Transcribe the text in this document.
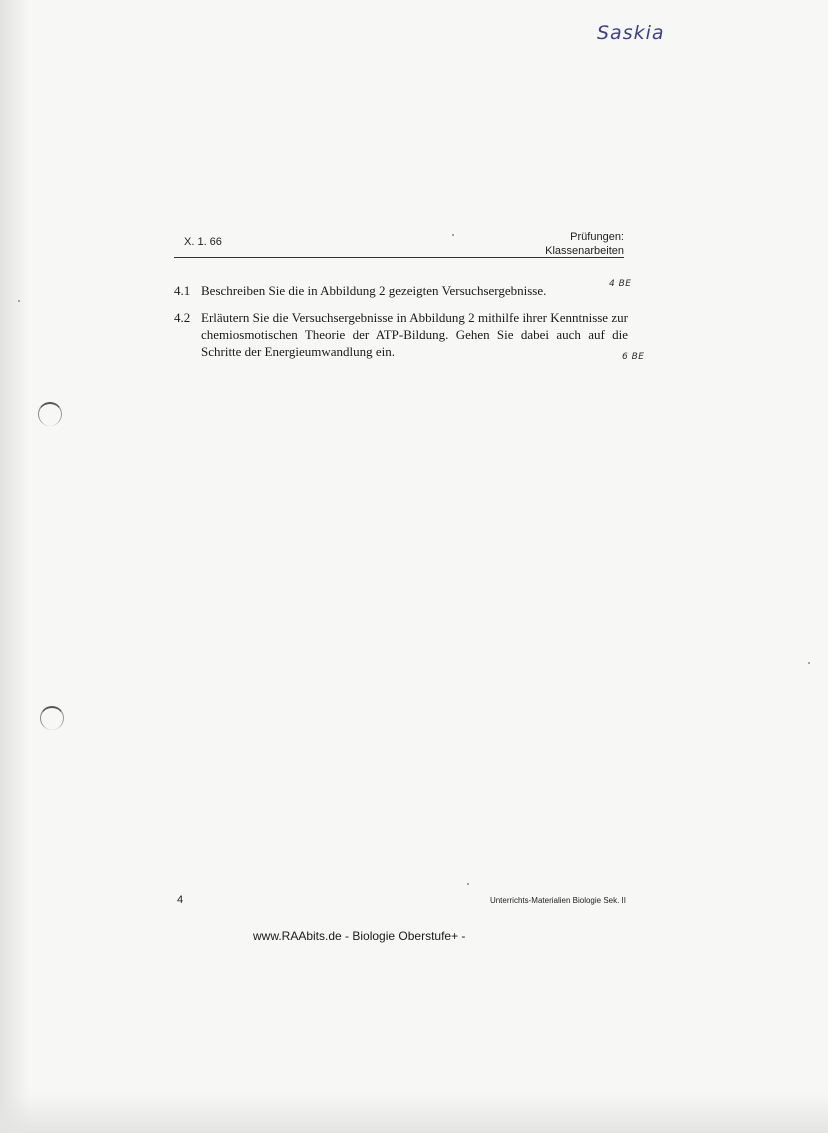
Saskia
X. 1. 66	Prüfungen:
Klassenarbeiten
4.1 Beschreiben Sie die in Abbildung 2 gezeigten Versuchsergebnisse.	4 BE
4.2 Erläutern Sie die Versuchsergebnisse in Abbildung 2 mithilfe ihrer Kenntnisse zur chemiosmotischen Theorie der ATP-Bildung. Gehen Sie dabei auch auf die Schritte der Energieumwandlung ein.	6 BE
4	Unterrichts-Materialien Biologie Sek. II
www.RAAbits.de - Biologie Oberstufe+ -
